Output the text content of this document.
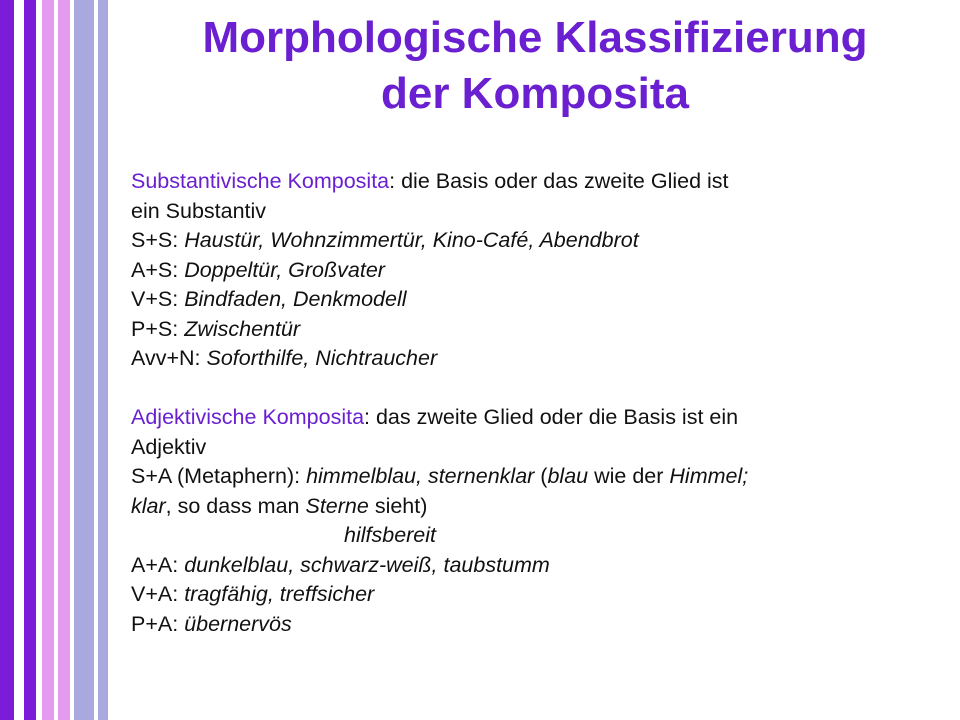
Morphologische Klassifizierung
der Komposita
Substantivische Komposita: die Basis oder das zweite Glied ist
ein Substantiv
S+S: Haustür, Wohnzimmertür, Kino-Café, Abendbrot
A+S: Doppeltür, Großvater
V+S: Bindfaden, Denkmodell
P+S: Zwischentür
Avv+N: Soforthilfe, Nichtraucher
Adjektivische Komposita: das zweite Glied oder die Basis ist ein
Adjektiv
S+A (Metaphern): himmelblau, sternenklar (blau wie der Himmel;
klar, so dass man Sterne sieht)
hilfsbereit
A+A: dunkelblau, schwarz-weiß, taubstumm
V+A: tragfähig, treffsicher
P+A: übernervös
